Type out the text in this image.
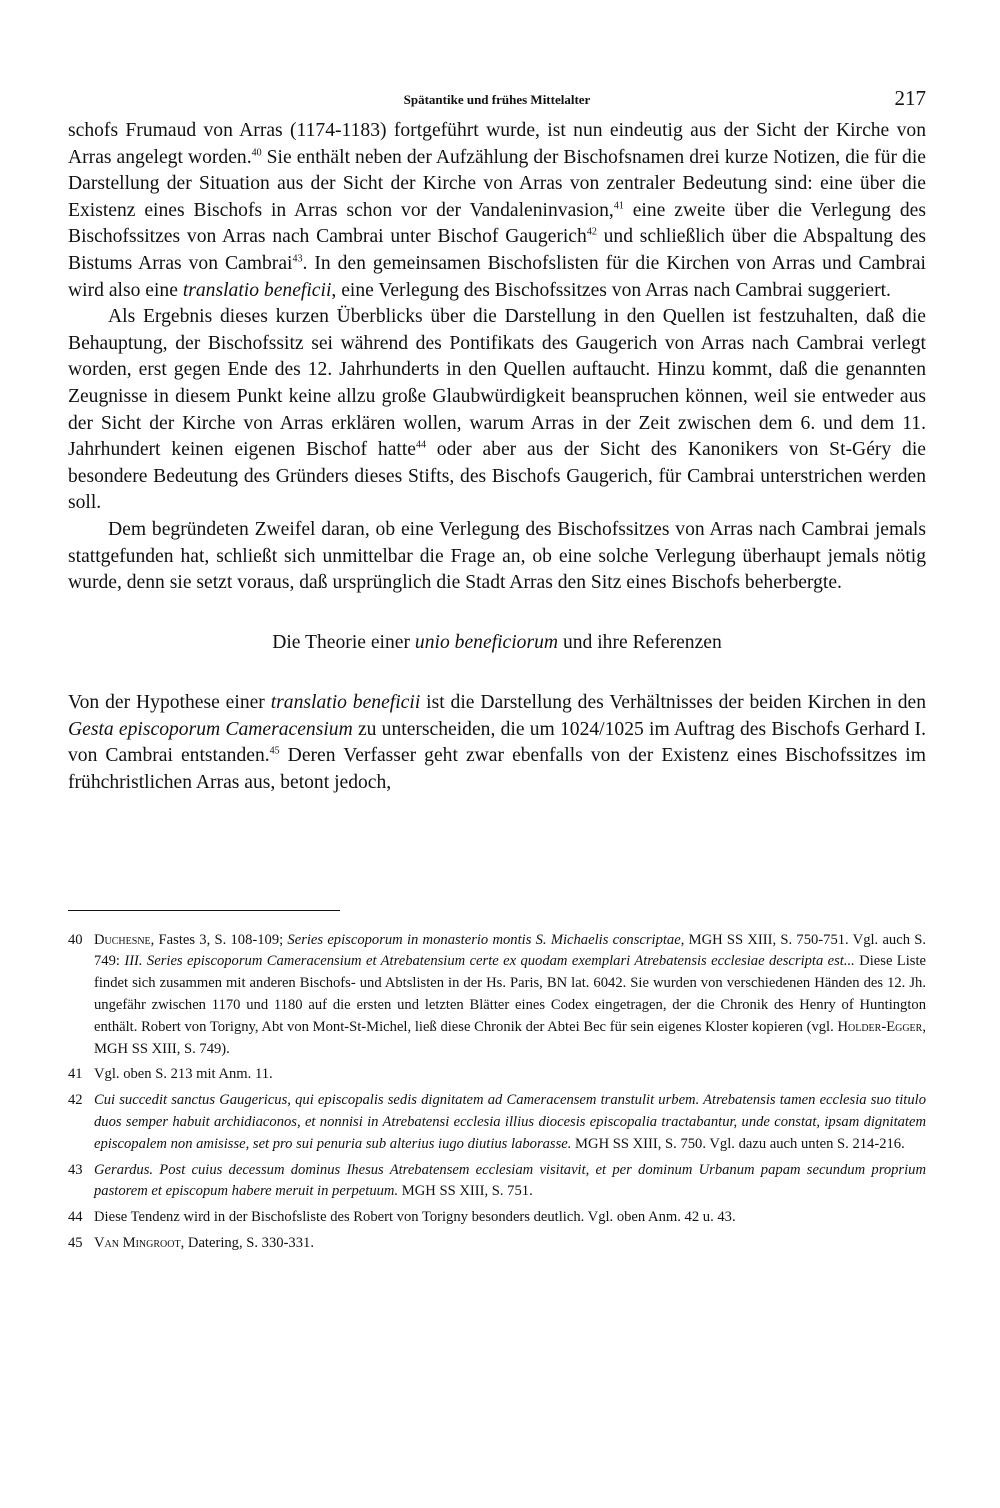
Spätantike und frühes Mittelalter	217

schofs Frumaud von Arras (1174-1183) fortgeführt wurde, ist nun eindeutig aus der Sicht der Kirche von Arras angelegt worden.$^{40}$ Sie enthält neben der Aufzählung der Bischofsnamen drei kurze Notizen, die für die Darstellung der Situation aus der Sicht der Kirche von Arras von zentraler Bedeutung sind: eine über die Existenz eines Bischofs in Arras schon vor der Vandaleninvasion,$^{41}$ eine zweite über die Verlegung des Bischofssitzes von Arras nach Cambrai unter Bischof Gaugerich$^{42}$ und schließlich über die Abspaltung des Bistums Arras von Cambrai$^{43}$. In den gemeinsamen Bischofslisten für die Kirchen von Arras und Cambrai wird also eine translatio beneficii, eine Verlegung des Bischofssitzes von Arras nach Cambrai suggeriert.

Als Ergebnis dieses kurzen Überblicks über die Darstellung in den Quellen ist festzuhalten, daß die Behauptung, der Bischofssitz sei während des Pontifikats des Gaugerich von Arras nach Cambrai verlegt worden, erst gegen Ende des 12. Jahrhunderts in den Quellen auftaucht. Hinzu kommt, daß die genannten Zeugnisse in diesem Punkt keine allzu große Glaubwürdigkeit beanspruchen können, weil sie entweder aus der Sicht der Kirche von Arras erklären wollen, warum Arras in der Zeit zwischen dem 6. und dem 11. Jahrhundert keinen eigenen Bischof hatte$^{44}$ oder aber aus der Sicht des Kanonikers von St-Géry die besondere Bedeutung des Gründers dieses Stifts, des Bischofs Gaugerich, für Cambrai unterstrichen werden soll.

Dem begründeten Zweifel daran, ob eine Verlegung des Bischofssitzes von Arras nach Cambrai jemals stattgefunden hat, schließt sich unmittelbar die Frage an, ob eine solche Verlegung überhaupt jemals nötig wurde, denn sie setzt voraus, daß ursprünglich die Stadt Arras den Sitz eines Bischofs beherbergte.

Die Theorie einer unio beneficiorum und ihre Referenzen

Von der Hypothese einer translatio beneficii ist die Darstellung des Verhältnisses der beiden Kirchen in den Gesta episcoporum Cameracensium zu unterscheiden, die um 1024/1025 im Auftrag des Bischofs Gerhard I. von Cambrai entstanden.$^{45}$ Deren Verfasser geht zwar ebenfalls von der Existenz eines Bischofssitzes im frühchristlichen Arras aus, betont jedoch,

40 Duchesne, Fastes 3, S. 108-109; Series episcoporum in monasterio montis S. Michaelis conscriptae, MGH SS XIII, S. 750-751. Vgl. auch S. 749: III. Series episcoporum Cameracensium et Atrebatensium certe ex quodam exemplari Atrebatensis ecclesiae descripta est... Diese Liste findet sich zusammen mit anderen Bischofs- und Abtslisten in der Hs. Paris, BN lat. 6042. Sie wurden von verschiedenen Händen des 12. Jh. ungefähr zwischen 1170 und 1180 auf die ersten und letzten Blätter eines Codex eingetragen, der die Chronik des Henry of Huntington enthält. Robert von Torigny, Abt von Mont-St-Michel, ließ diese Chronik der Abtei Bec für sein eigenes Kloster kopieren (vgl. Holder-Egger, MGH SS XIII, S. 749).
41 Vgl. oben S. 213 mit Anm. 11.
42 Cui succedit sanctus Gaugericus, qui episcopalis sedis dignitatem ad Cameracensem transtulit urbem. Atrebatensis tamen ecclesia suo titulo duos semper habuit archidiaconos, et nonnisi in Atrebatensi ecclesia illius diocesis episcopalia tractabantur, unde constat, ipsam dignitatem episcopalem non amisisse, set pro sui penuria sub alterius iugo diutius laborasse. MGH SS XIII, S. 750. Vgl. dazu auch unten S. 214-216.
43 Gerardus. Post cuius decessum dominus Ihesus Atrebatensem ecclesiam visitavit, et per dominum Urbanum papam secundum proprium pastorem et episcopum habere meruit in perpetuum. MGH SS XIII, S. 751.
44 Diese Tendenz wird in der Bischofsliste des Robert von Torigny besonders deutlich. Vgl. oben Anm. 42 u. 43.
45 Van Mingroot, Datering, S. 330-331.
